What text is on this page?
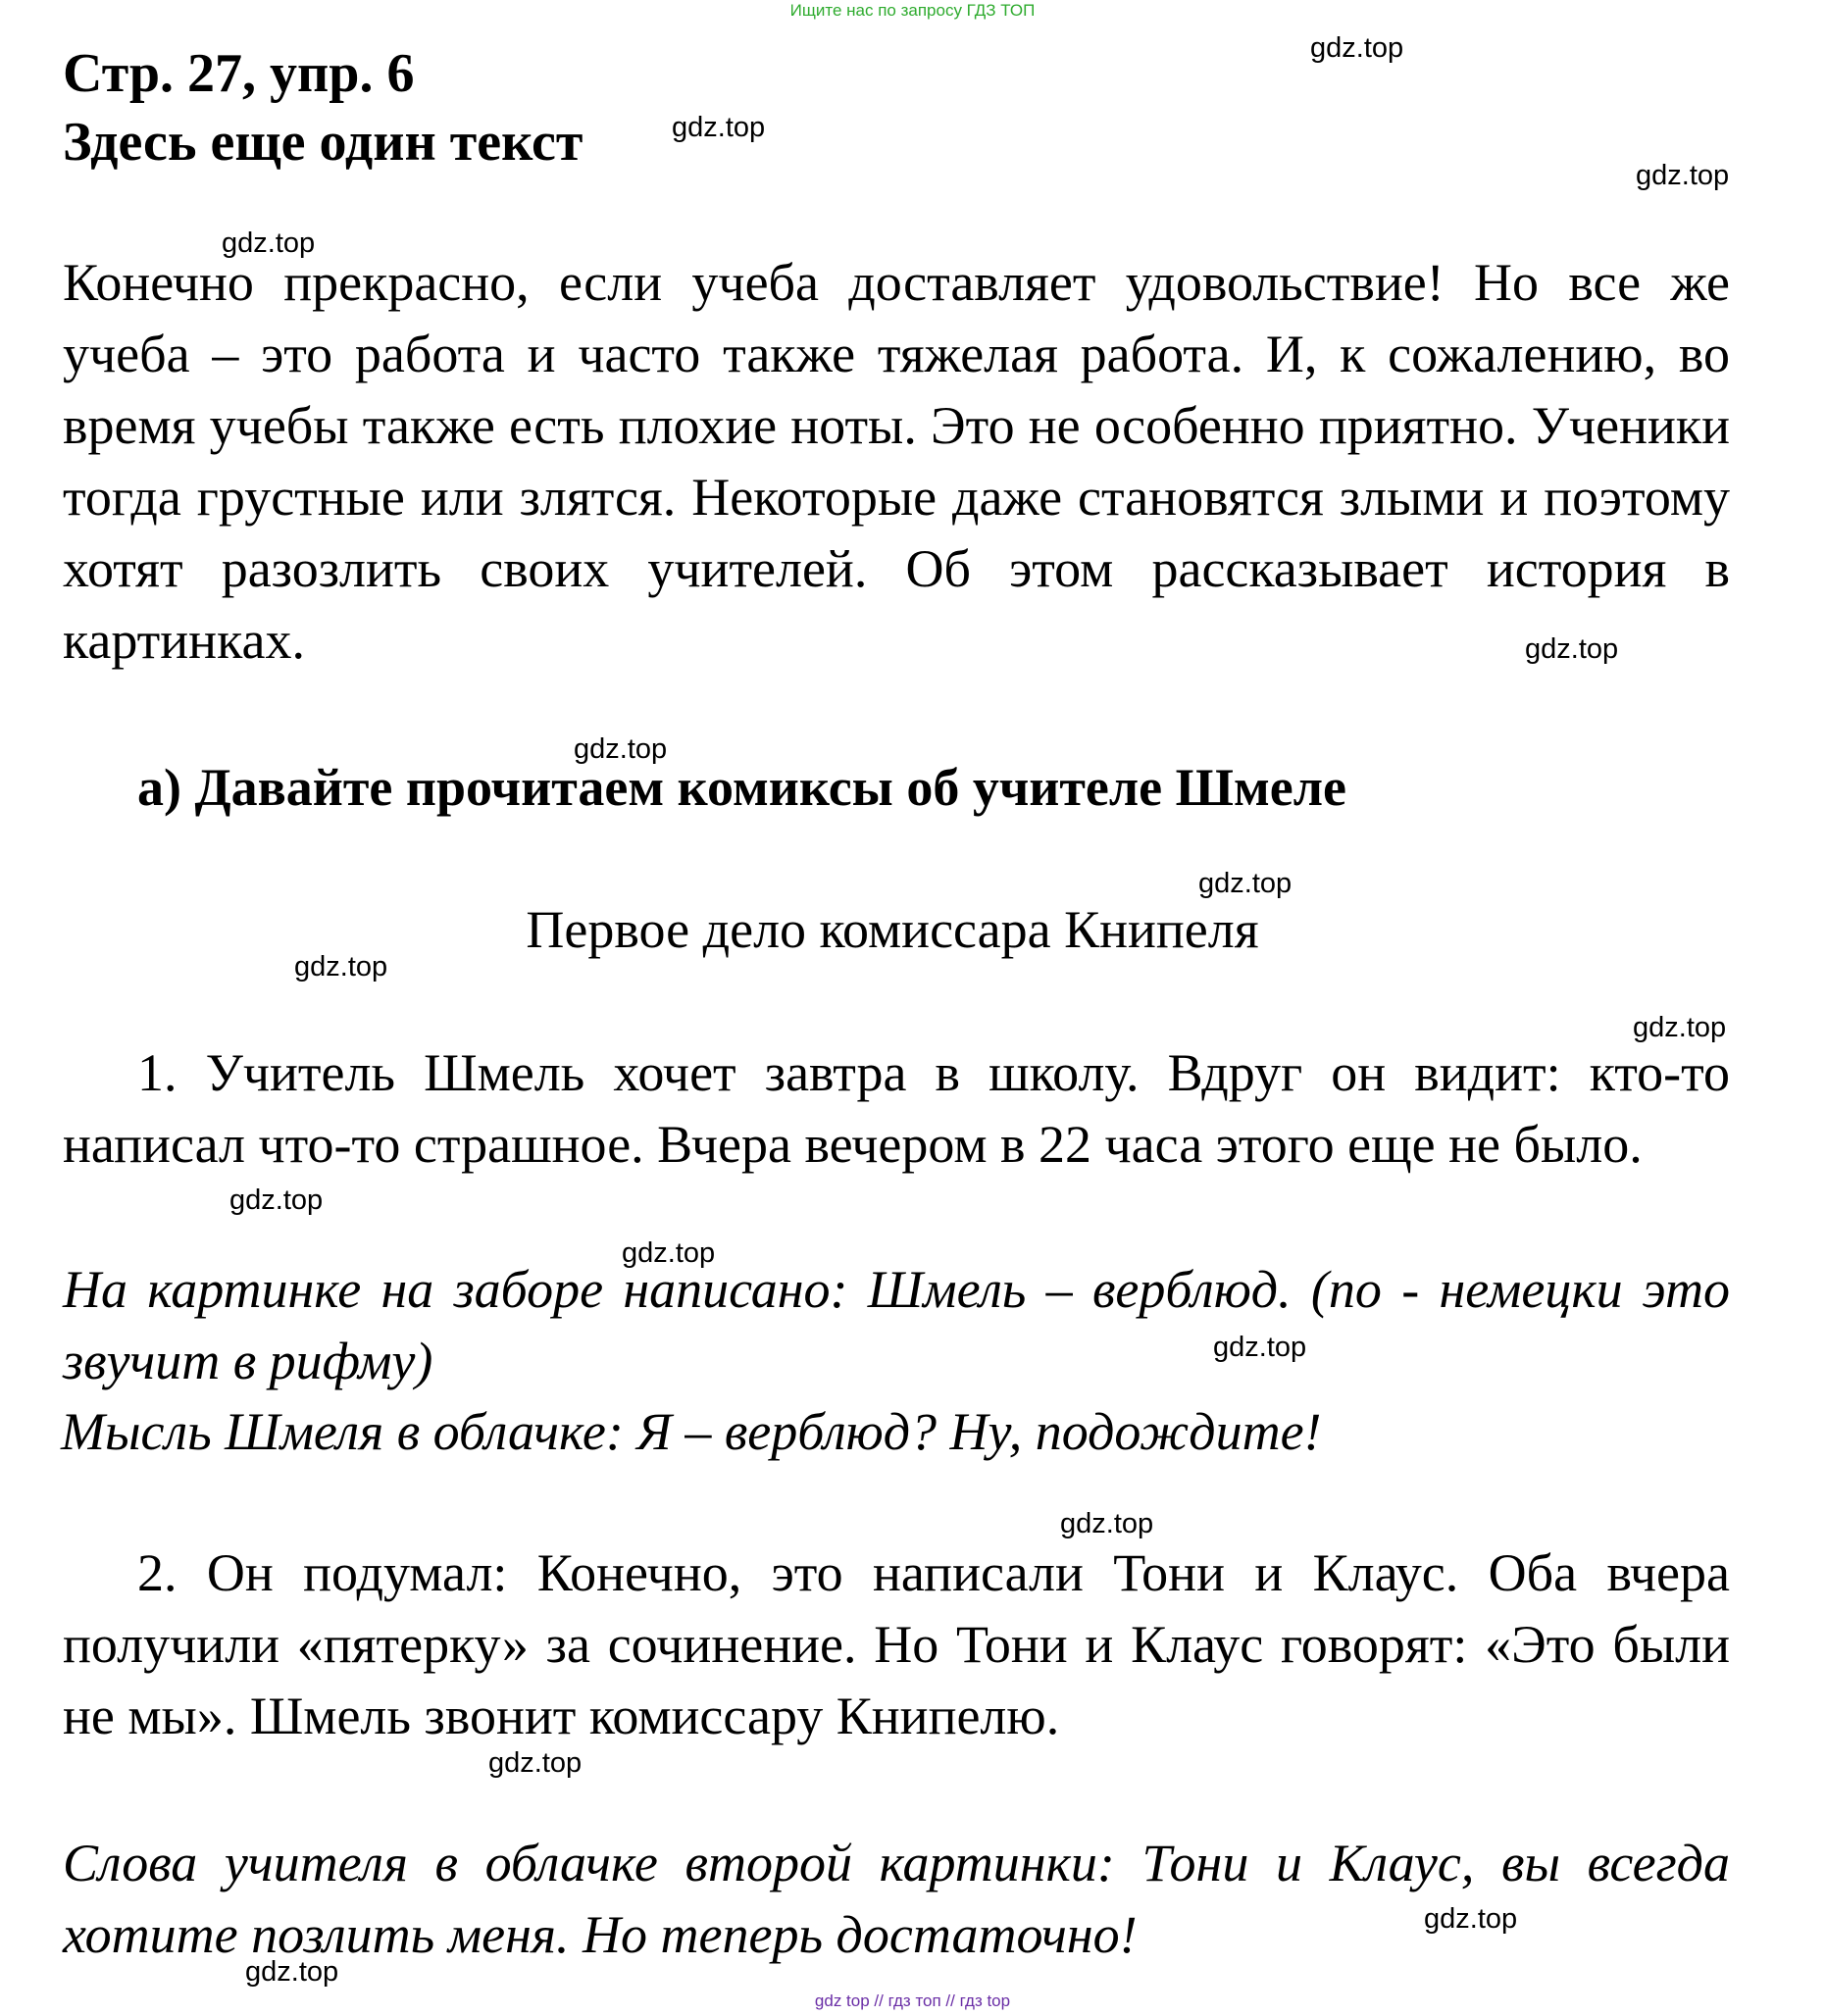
Ищите нас по запросу ГДЗ ТОП
Стр. 27, упр. 6
Здесь еще один текст

Конечно прекрасно, если учеба доставляет удовольствие! Но все же учеба – это работа и часто также тяжелая работа. И, к сожалению, во время учебы также есть плохие ноты. Это не особенно приятно. Ученики тогда грустные или злятся. Некоторые даже становятся злыми и поэтому хотят разозлить своих учителей. Об этом рассказывает история в картинках.

а) Давайте прочитаем комиксы об учителе Шмеле
Первое дело комиссара Книпеля

1. Учитель Шмель хочет завтра в школу. Вдруг он видит: кто-то написал что-то страшное. Вчера вечером в 22 часа этого еще не было.

На картинке на заборе написано: Шмель – верблюд. (по - немецки это звучит в рифму)

Мысль Шмеля в облачке: Я – верблюд? Ну, подождите!

2. Он подумал: Конечно, это написали Тони и Клаус. Оба вчера получили «пятерку» за сочинение. Но Тони и Клаус говорят: «Это были не мы». Шмель звонит комиссару Книпелю.

Слова учителя в облачке второй картинки: Тони и Клаус, вы всегда хотите позлить меня. Но теперь достаточно!

gdz.top
gdz.top
gdz.top
gdz.top
gdz.top
gdz.top
gdz.top
gdz.top
gdz.top
gdz.top
gdz.top
gdz.top
gdz.top
gdz.top
gdz.top
gdz.top
gdz top // гдз топ // гдз top
